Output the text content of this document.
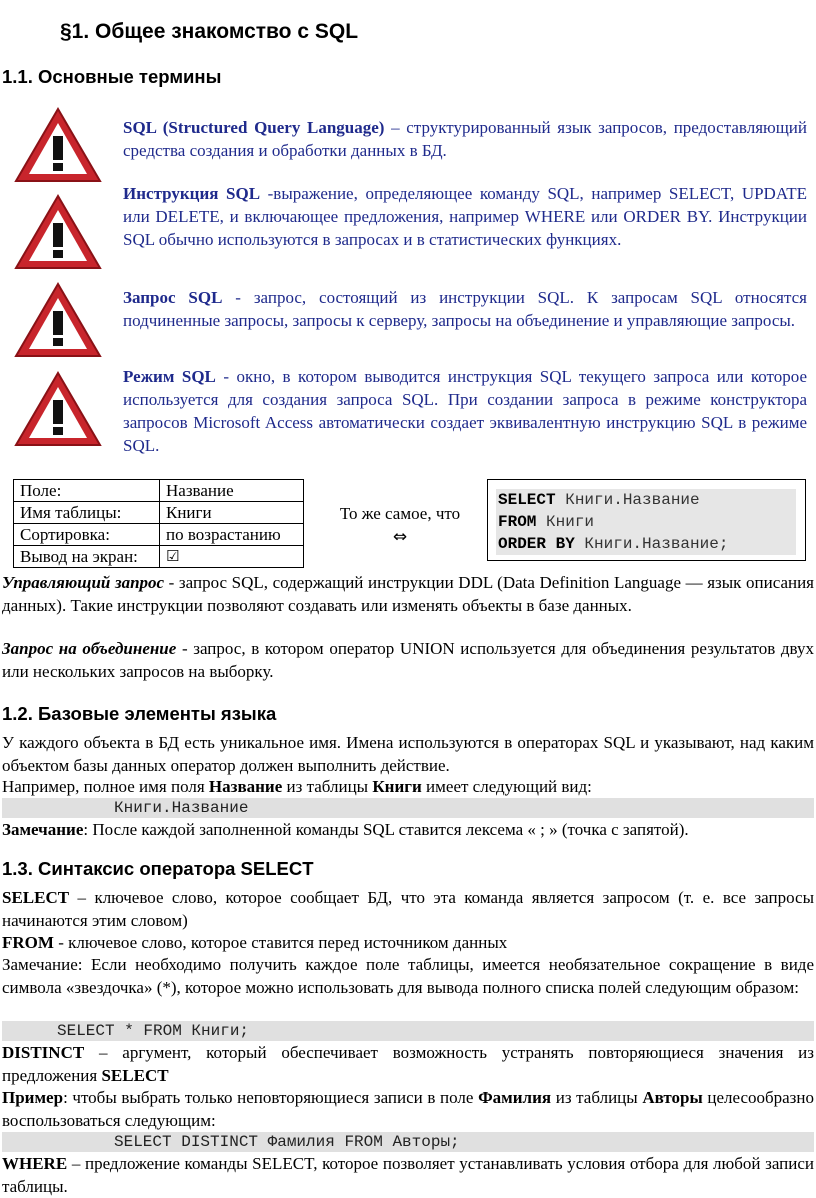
§1. Общее знакомство с SQL
1.1. Основные термины
SQL (Structured Query Language) – структурированный язык запросов, предоставляющий средства создания и обработки данных в БД.
Инструкция SQL -выражение, определяющее команду SQL, например SELECT, UPDATE или DELETE, и включающее предложения, например WHERE или ORDER BY. Инструкции SQL обычно используются в запросах и в статистических функциях.
Запрос SQL - запрос, состоящий из инструкции SQL. К запросам SQL относятся подчиненные запросы, запросы к серверу, запросы на объединение и управляющие запросы.
Режим SQL - окно, в котором выводится инструкция SQL текущего запроса или которое используется для создания запроса SQL. При создании запроса в режиме конструктора запросов Microsoft Access автоматически создает эквивалентную инструкцию SQL в режиме SQL.
Поле:	Название
Имя таблицы:	Книги
Сортировка:	по возрастанию
Вывод на экран:	☑
То же самое, что
⇔
SELECT Книги.Название
FROM Книги
ORDER BY Книги.Название;
Управляющий запрос - запрос SQL, содержащий инструкции DDL (Data Definition Language — язык описания данных). Такие инструкции позволяют создавать или изменять объекты в базе данных.
Запрос на объединение - запрос, в котором оператор UNION используется для объединения результатов двух или нескольких запросов на выборку.
1.2. Базовые элементы языка
У каждого объекта в БД есть уникальное имя. Имена используются в операторах SQL и указывают, над каким объектом базы данных оператор должен выполнить действие.
Например, полное имя поля Название из таблицы Книги имеет следующий вид:
Книги.Название
Замечание: После каждой заполненной команды SQL ставится лексема « ; » (точка с запятой).
1.3. Синтаксис оператора SELECT
SELECT – ключевое слово, которое сообщает БД, что эта команда является запросом (т. е. все запросы начинаются этим словом)
FROM - ключевое слово, которое ставится перед источником данных
Замечание: Если необходимо получить каждое поле таблицы, имеется необязательное сокращение в виде символа «звездочка» (*), которое можно использовать для вывода полного списка полей следующим образом:
SELECT * FROM Книги;
DISTINCT – аргумент, который обеспечивает возможность устранять повторяющиеся значения из предложения SELECT
Пример: чтобы выбрать только неповторяющиеся записи в поле Фамилия из таблицы Авторы целесообразно воспользоваться следующим:
SELECT DISTINCT Фамилия FROM Авторы;
WHERE – предложение команды SELECT, которое позволяет устанавливать условия отбора для любой записи таблицы.
